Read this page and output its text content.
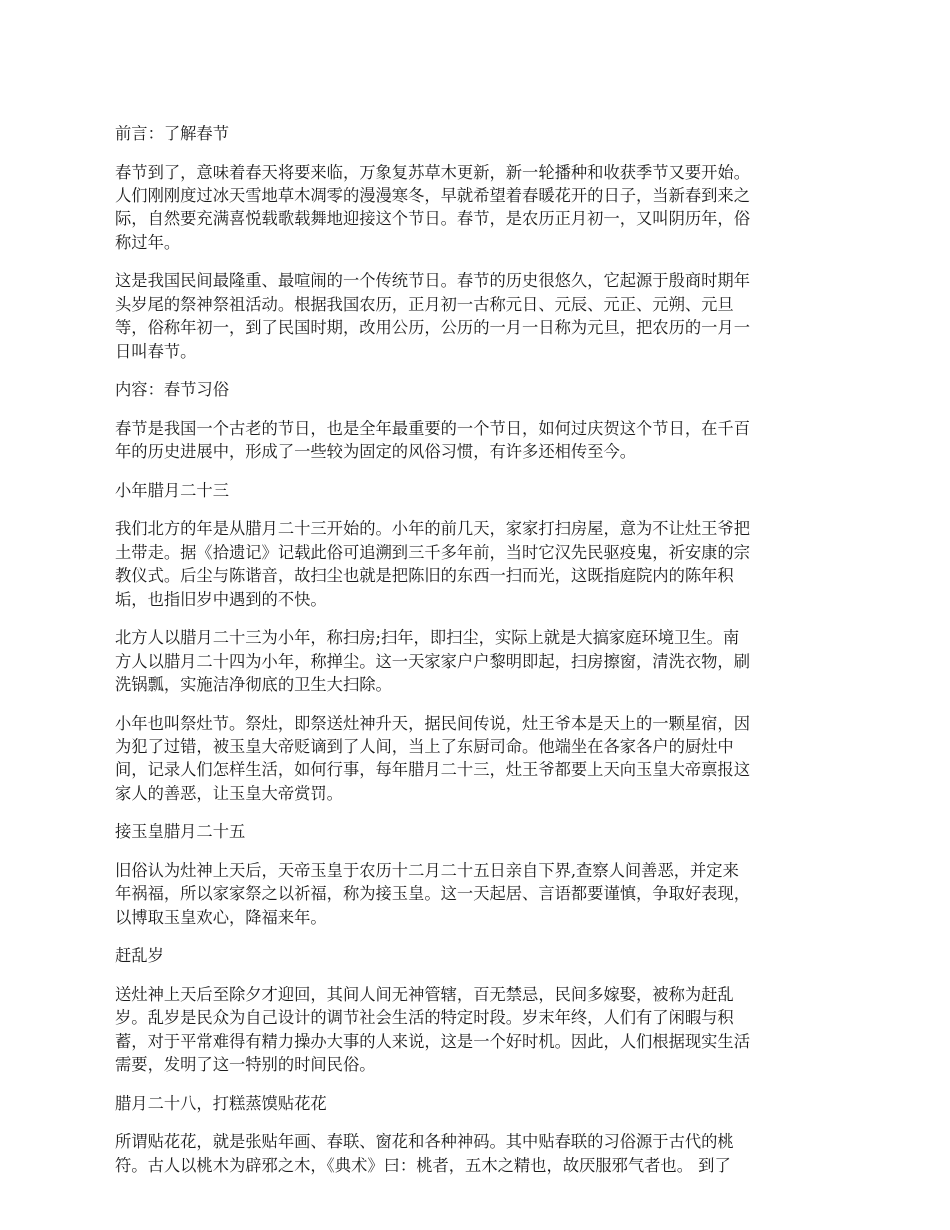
前言：了解春节

春节到了，意味着春天将要来临，万象复苏草木更新，新一轮播种和收获季节又要开始。
人们刚刚度过冰天雪地草木凋零的漫漫寒冬，早就希望着春暖花开的日子，当新春到来之
际，自然要充满喜悦载歌载舞地迎接这个节日。春节，是农历正月初一，又叫阴历年，俗
称过年。

这是我国民间最隆重、最喧闹的一个传统节日。春节的历史很悠久，它起源于殷商时期年
头岁尾的祭神祭祖活动。根据我国农历，正月初一古称元日、元辰、元正、元朔、元旦
等，俗称年初一，到了民国时期，改用公历，公历的一月一日称为元旦，把农历的一月一
日叫春节。

内容：春节习俗

春节是我国一个古老的节日，也是全年最重要的一个节日，如何过庆贺这个节日，在千百
年的历史进展中，形成了一些较为固定的风俗习惯，有许多还相传至今。

小年腊月二十三

我们北方的年是从腊月二十三开始的。小年的前几天，家家打扫房屋，意为不让灶王爷把
土带走。据《拾遗记》记载此俗可追溯到三千多年前，当时它汉先民驱疫鬼，祈安康的宗
教仪式。后尘与陈谐音，故扫尘也就是把陈旧的东西一扫而光，这既指庭院内的陈年积
垢，也指旧岁中遇到的不快。

北方人以腊月二十三为小年，称扫房;扫年，即扫尘，实际上就是大搞家庭环境卫生。南
方人以腊月二十四为小年，称掸尘。这一天家家户户黎明即起，扫房擦窗，清洗衣物，刷
洗锅瓢，实施洁净彻底的卫生大扫除。

小年也叫祭灶节。祭灶，即祭送灶神升天，据民间传说，灶王爷本是天上的一颗星宿，因
为犯了过错，被玉皇大帝贬谪到了人间，当上了东厨司命。他端坐在各家各户的厨灶中
间，记录人们怎样生活，如何行事，每年腊月二十三，灶王爷都要上天向玉皇大帝禀报这
家人的善恶，让玉皇大帝赏罚。

接玉皇腊月二十五

旧俗认为灶神上天后，天帝玉皇于农历十二月二十五日亲自下界,查察人间善恶，并定来
年祸福，所以家家祭之以祈福，称为接玉皇。这一天起居、言语都要谨慎，争取好表现，
以博取玉皇欢心，降福来年。

赶乱岁

送灶神上天后至除夕才迎回，其间人间无神管辖，百无禁忌，民间多嫁娶，被称为赶乱
岁。乱岁是民众为自己设计的调节社会生活的特定时段。岁末年终，人们有了闲暇与积
蓄，对于平常难得有精力操办大事的人来说，这是一个好时机。因此，人们根据现实生活
需要，发明了这一特别的时间民俗。

腊月二十八，打糕蒸馍贴花花

所谓贴花花，就是张贴年画、春联、窗花和各种神码。其中贴春联的习俗源于古代的桃
符。古人以桃木为辟邪之木，《典术》曰：桃者，五木之精也，故厌服邪气者也。 到了
